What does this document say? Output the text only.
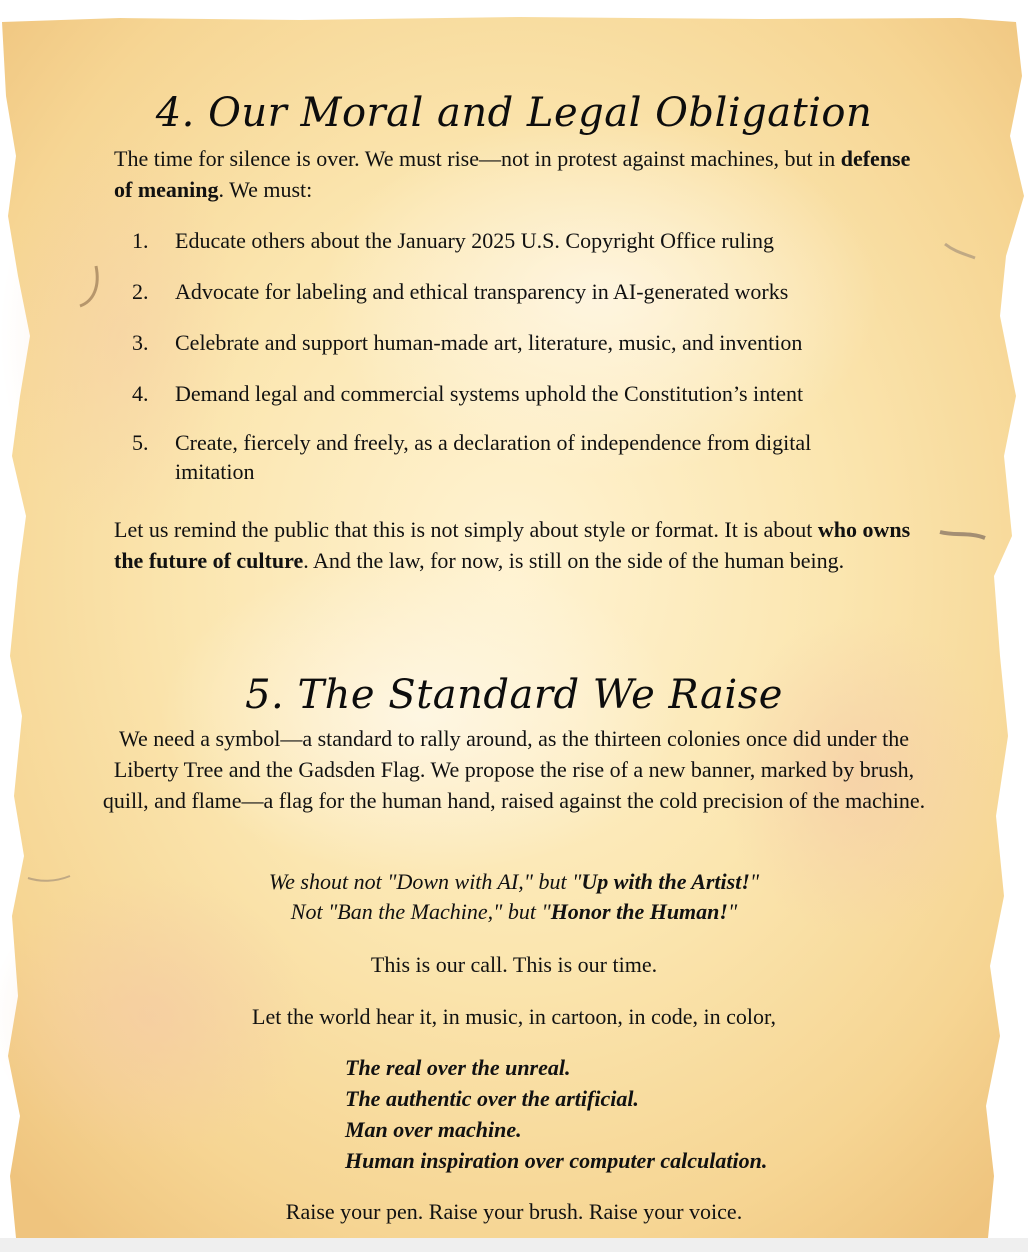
4. Our Moral and Legal Obligation

The time for silence is over. We must rise—not in protest against machines, but in defense of meaning. We must:

1. Educate others about the January 2025 U.S. Copyright Office ruling
2. Advocate for labeling and ethical transparency in AI-generated works
3. Celebrate and support human-made art, literature, music, and invention
4. Demand legal and commercial systems uphold the Constitution’s intent
5. Create, fiercely and freely, as a declaration of independence from digital imitation

Let us remind the public that this is not simply about style or format. It is about who owns the future of culture. And the law, for now, is still on the side of the human being.

5. The Standard We Raise

We need a symbol—a standard to rally around, as the thirteen colonies once did under the Liberty Tree and the Gadsden Flag. We propose the rise of a new banner, marked by brush, quill, and flame—a flag for the human hand, raised against the cold precision of the machine.

We shout not "Down with AI," but "Up with the Artist!"
Not "Ban the Machine," but "Honor the Human!"

This is our call. This is our time.

Let the world hear it, in music, in cartoon, in code, in color,

The real over the unreal.
The authentic over the artificial.
Man over machine.
Human inspiration over computer calculation.

Raise your pen. Raise your brush. Raise your voice.
